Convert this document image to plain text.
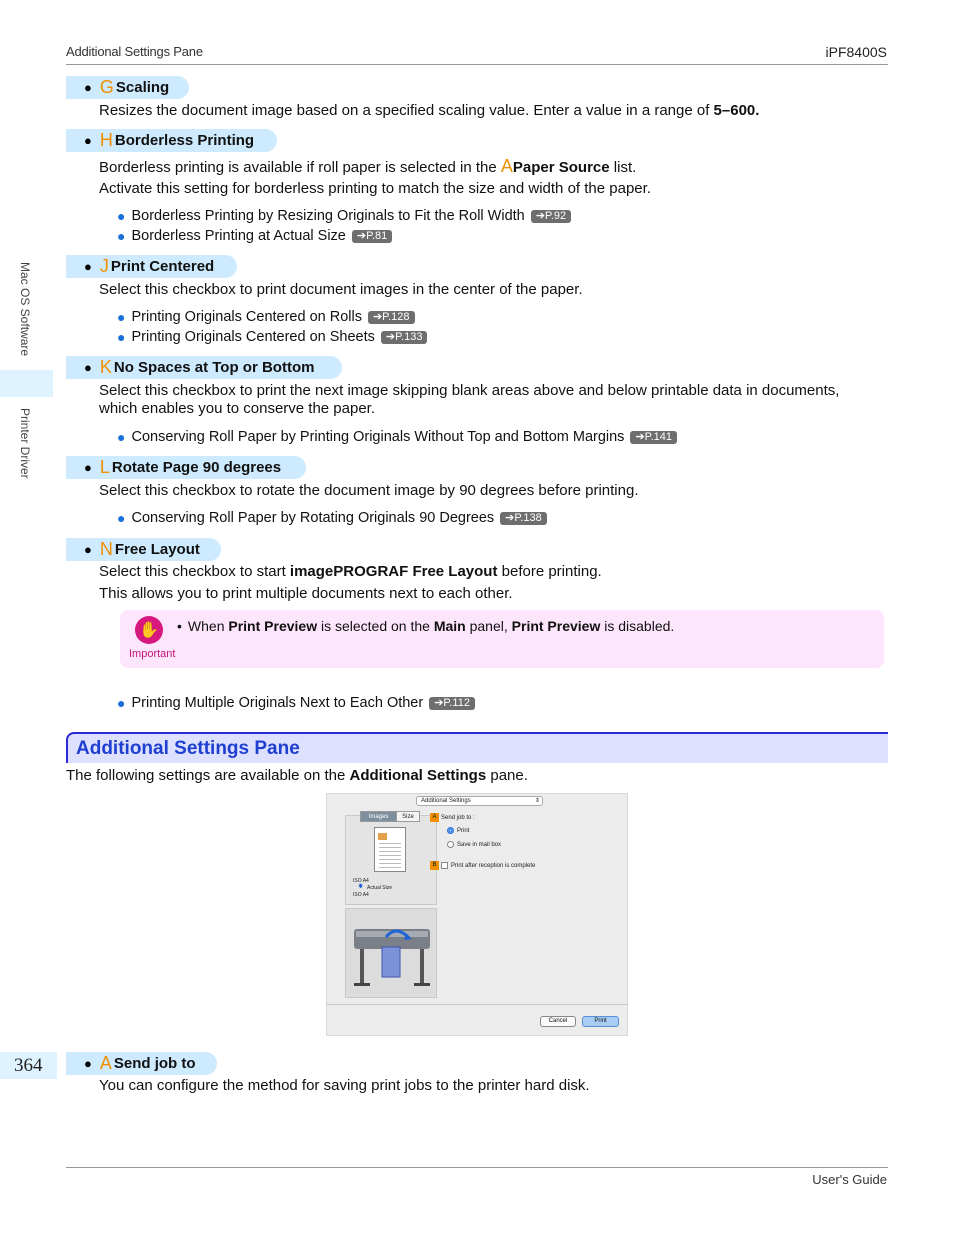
Additional Settings Pane	iPF8400S
Mac OS Software
Printer Driver
● G Scaling
Resizes the document image based on a specified scaling value. Enter a value in a range of 5–600.
● H Borderless Printing
Borderless printing is available if roll paper is selected in the APaper Source list.
Activate this setting for borderless printing to match the size and width of the paper.
● Borderless Printing by Resizing Originals to Fit the Roll Width	➔P.92
● Borderless Printing at Actual Size	➔P.81
● J Print Centered
Select this checkbox to print document images in the center of the paper.
● Printing Originals Centered on Rolls	➔P.128
● Printing Originals Centered on Sheets	➔P.133
● K No Spaces at Top or Bottom
Select this checkbox to print the next image skipping blank areas above and below printable data in documents,
which enables you to conserve the paper.
● Conserving Roll Paper by Printing Originals Without Top and Bottom Margins	➔P.141
● L Rotate Page 90 degrees
Select this checkbox to rotate the document image by 90 degrees before printing.
● Conserving Roll Paper by Rotating Originals 90 Degrees	➔P.138
● N Free Layout
Select this checkbox to start imagePROGRAF Free Layout before printing.
This allows you to print multiple documents next to each other.
✋
Important
• When Print Preview is selected on the Main panel, Print Preview is disabled.
● Printing Multiple Originals Next to Each Other	➔P.112
Additional Settings Pane
The following settings are available on the Additional Settings pane.
Additional Settings	⇕
ISO A4
🡇 Actual Size
ISO A4
Images	Size	A Send job to :
Print
Save in mail box
B	Print after reception is complete
Cancel	Print
364	● A Send job to
You can configure the method for saving print jobs to the printer hard disk.
User's Guide
